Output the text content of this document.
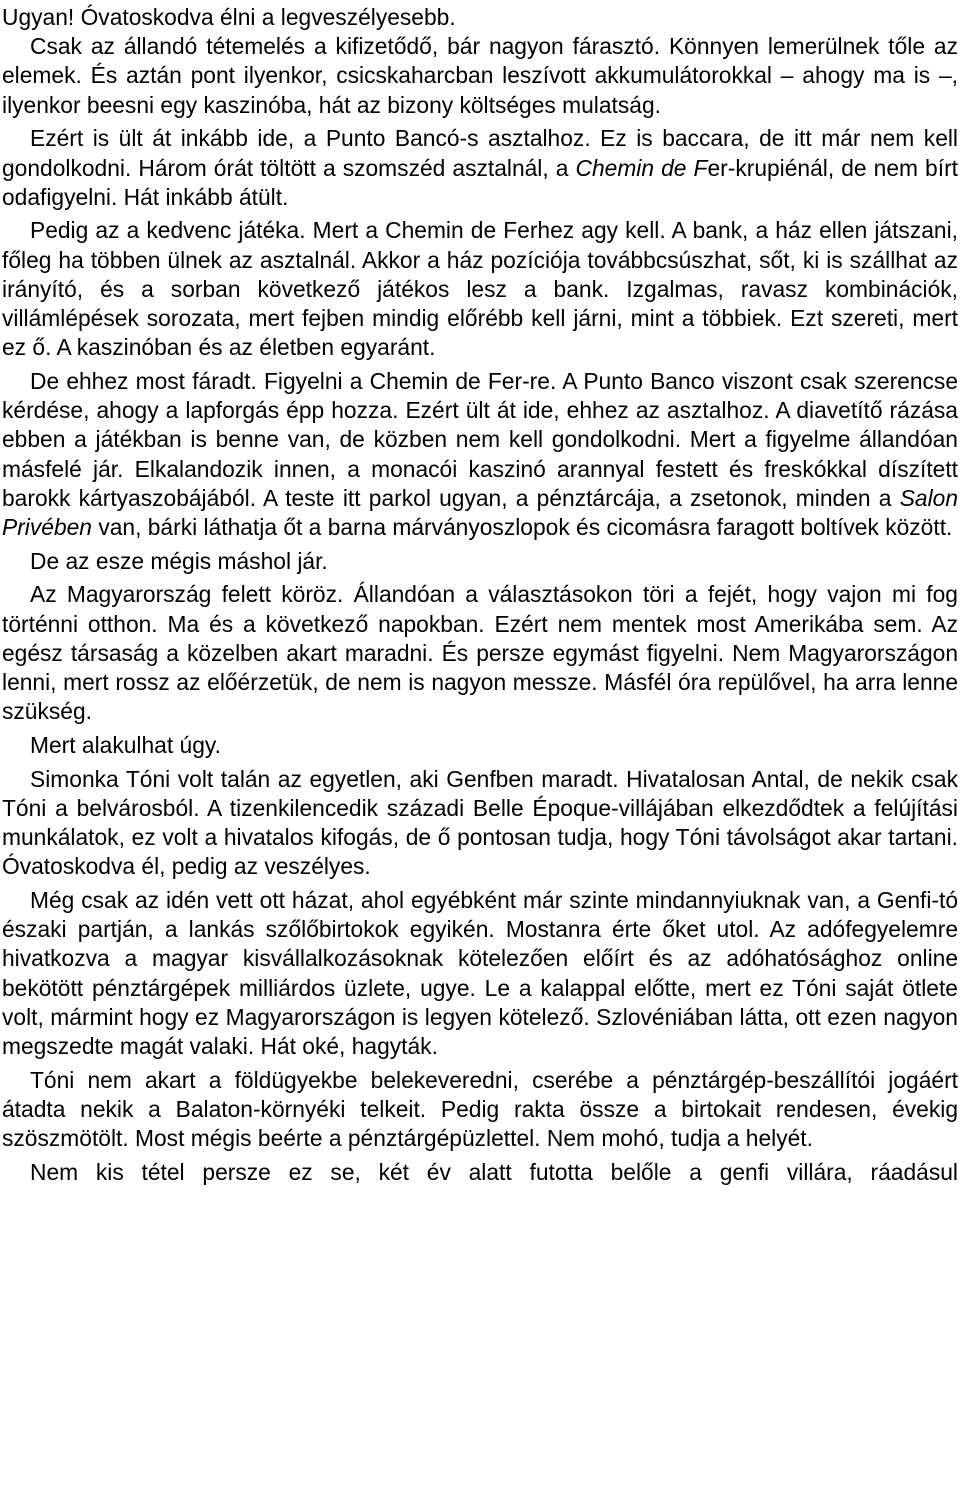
Ugyan! Óvatoskodva élni a legveszélyesebb.

Csak az állandó tétemelés a kifizetődő, bár nagyon fárasztó. Könnyen lemerülnek tőle az elemek. És aztán pont ilyenkor, csicskaharcban leszívott akkumulátorokkal – ahogy ma is –, ilyenkor beesni egy kaszinóba, hát az bizony költséges mulatság.

Ezért is ült át inkább ide, a Punto Bancó-s asztalhoz. Ez is baccara, de itt már nem kell gondolkodni. Három órát töltött a szomszéd asztalnál, a Chemin de Fer-krupiénál, de nem bírt odafigyelni. Hát inkább átült.

Pedig az a kedvenc játéka. Mert a Chemin de Ferhez agy kell. A bank, a ház ellen játszani, főleg ha többen ülnek az asztalnál. Akkor a ház pozíciója továbbcsúszhat, sőt, ki is szállhat az irányító, és a sorban következő játékos lesz a bank. Izgalmas, ravasz kombinációk, villámlépések sorozata, mert fejben mindig előrébb kell járni, mint a többiek. Ezt szereti, mert ez ő. A kaszinóban és az életben egyaránt.

De ehhez most fáradt. Figyelni a Chemin de Fer-re. A Punto Banco viszont csak szerencse kérdése, ahogy a lapforgás épp hozza. Ezért ült át ide, ehhez az asztalhoz. A diavetítő rázása ebben a játékban is benne van, de közben nem kell gondolkodni. Mert a figyelme állandóan másfelé jár. Elkalandozik innen, a monacói kaszinó arannyal festett és freskókkal díszített barokk kártyaszobájából. A teste itt parkol ugyan, a pénztárcája, a zsetonok, minden a Salon Privében van, bárki láthatja őt a barna márványoszlopok és cicomásra faragott boltívek között.

De az esze mégis máshol jár.

Az Magyarország felett köröz. Állandóan a választásokon töri a fejét, hogy vajon mi fog történni otthon. Ma és a következő napokban. Ezért nem mentek most Amerikába sem. Az egész társaság a közelben akart maradni. És persze egymást figyelni. Nem Magyarországon lenni, mert rossz az előérzetük, de nem is nagyon messze. Másfél óra repülővel, ha arra lenne szükség.

Mert alakulhat úgy.

Simonka Tóni volt talán az egyetlen, aki Genfben maradt. Hivatalosan Antal, de nekik csak Tóni a belvárosból. A tizenkilencedik századi Belle Époque-villájában elkezdődtek a felújítási munkálatok, ez volt a hivatalos kifogás, de ő pontosan tudja, hogy Tóni távolságot akar tartani. Óvatoskodva él, pedig az veszélyes.

Még csak az idén vett ott házat, ahol egyébként már szinte mindannyiuknak van, a Genfi-tó északi partján, a lankás szőlőbirtokok egyikén. Mostanra érte őket utol. Az adófegyelemre hivatkozva a magyar kisvállalkozásoknak kötelezően előírt és az adóhatósághoz online bekötött pénztárgépek milliárdos üzlete, ugye. Le a kalappal előtte, mert ez Tóni saját ötlete volt, mármint hogy ez Magyarországon is legyen kötelező. Szlovéniában látta, ott ezen nagyon megszedte magát valaki. Hát oké, hagyták.

Tóni nem akart a földügyekbe belekeveredni, cserébe a pénztárgép-beszállítói jogáért átadta nekik a Balaton-környéki telkeit. Pedig rakta össze a birtokait rendesen, évekig szöszmötölt. Most mégis beérte a pénztárgépüzlettel. Nem mohó, tudja a helyét.

Nem kis tétel persze ez se, két év alatt futotta belőle a genfi villára, ráadásul
